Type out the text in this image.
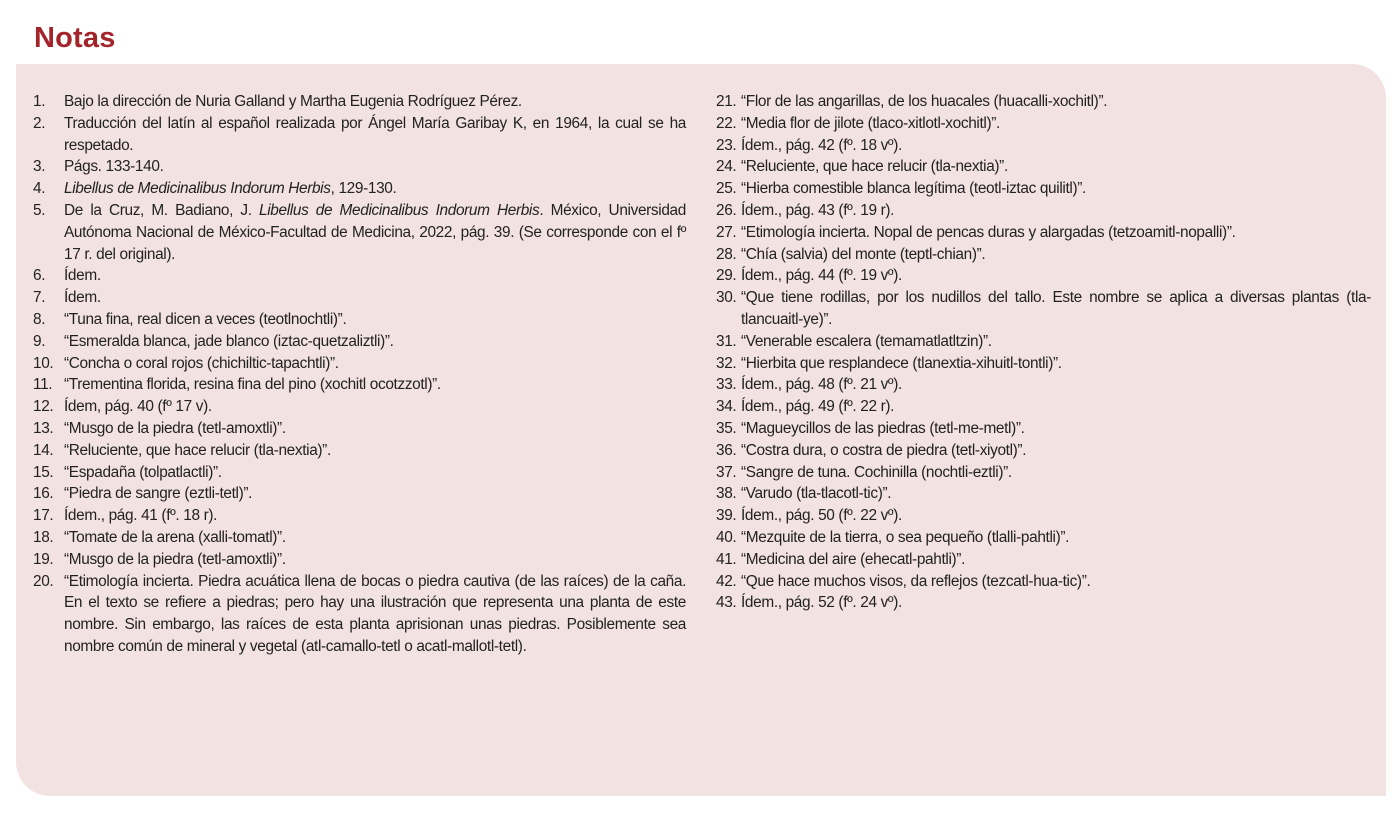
Notas
1. Bajo la dirección de Nuria Galland y Martha Eugenia Rodríguez Pérez.
2. Traducción del latín al español realizada por Ángel María Garibay K, en 1964, la cual se ha respetado.
3. Págs. 133-140.
4. Libellus de Medicinalibus Indorum Herbis, 129-130.
5. De la Cruz, M. Badiano, J. Libellus de Medicinalibus Indorum Herbis. México, Universidad Autónoma Nacional de México-Facultad de Medicina, 2022, pág. 39. (Se corresponde con el fº 17 r. del original).
6. Ídem.
7. Ídem.
8. “Tuna fina, real dicen a veces (teotlnochtli)”.
9. “Esmeralda blanca, jade blanco (iztac-quetzaliztli)”.
10. “Concha o coral rojos (chichiltic-tapachtli)”.
11. “Trementina florida, resina fina del pino (xochitl ocotzzotl)”.
12. Ídem, pág. 40 (fº 17 v).
13. “Musgo de la piedra (tetl-amoxtli)”.
14. “Reluciente, que hace relucir (tla-nextia)”.
15. “Espadaña (tolpatlactli)”.
16. “Piedra de sangre (eztli-tetl)”.
17. Ídem., pág. 41 (fº. 18 r).
18. “Tomate de la arena (xalli-tomatl)”.
19. “Musgo de la piedra (tetl-amoxtli)”.
20. “Etimología incierta. Piedra acuática llena de bocas o piedra cautiva (de las raíces) de la caña. En el texto se refiere a piedras; pero hay una ilustración que representa una planta de este nombre. Sin embargo, las raíces de esta planta aprisionan unas piedras. Posiblemente sea nombre común de mineral y vegetal (atl-camallo-tetl o acatl-mallotl-tetl).
21. “Flor de las angarillas, de los huacales (huacalli-xochitl)”.
22. “Media flor de jilote (tlaco-xitlotl-xochitl)”.
23. Ídem., pág. 42 (fº. 18 vº).
24. “Reluciente, que hace relucir (tla-nextia)”.
25. “Hierba comestible blanca legítima (teotl-iztac quilitl)”.
26. Ídem., pág. 43 (fº. 19 r).
27. “Etimología incierta. Nopal de pencas duras y alargadas (tetzoamitl-nopalli)”.
28. “Chía (salvia) del monte (teptl-chian)”.
29. Ídem., pág. 44 (fº. 19 vº).
30. “Que tiene rodillas, por los nudillos del tallo. Este nombre se aplica a diversas plantas (tla-tlancuaitl-ye)”.
31. “Venerable escalera (temamatlatltzin)”.
32. “Hierbita que resplandece (tlanextia-xihuitl-tontli)”.
33. Ídem., pág. 48 (fº. 21 vº).
34. Ídem., pág. 49 (fº. 22 r).
35. “Magueycillos de las piedras (tetl-me-metl)”.
36. “Costra dura, o costra de piedra (tetl-xiyotl)”.
37. “Sangre de tuna. Cochinilla (nochtli-eztli)”.
38. “Varudo (tla-tlacotl-tic)”.
39. Ídem., pág. 50 (fº. 22 vº).
40. “Mezquite de la tierra, o sea pequeño (tlalli-pahtli)”.
41. “Medicina del aire (ehecatl-pahtli)”.
42. “Que hace muchos visos, da reflejos (tezcatl-hua-tic)”.
43. Ídem., pág. 52 (fº. 24 vº).
